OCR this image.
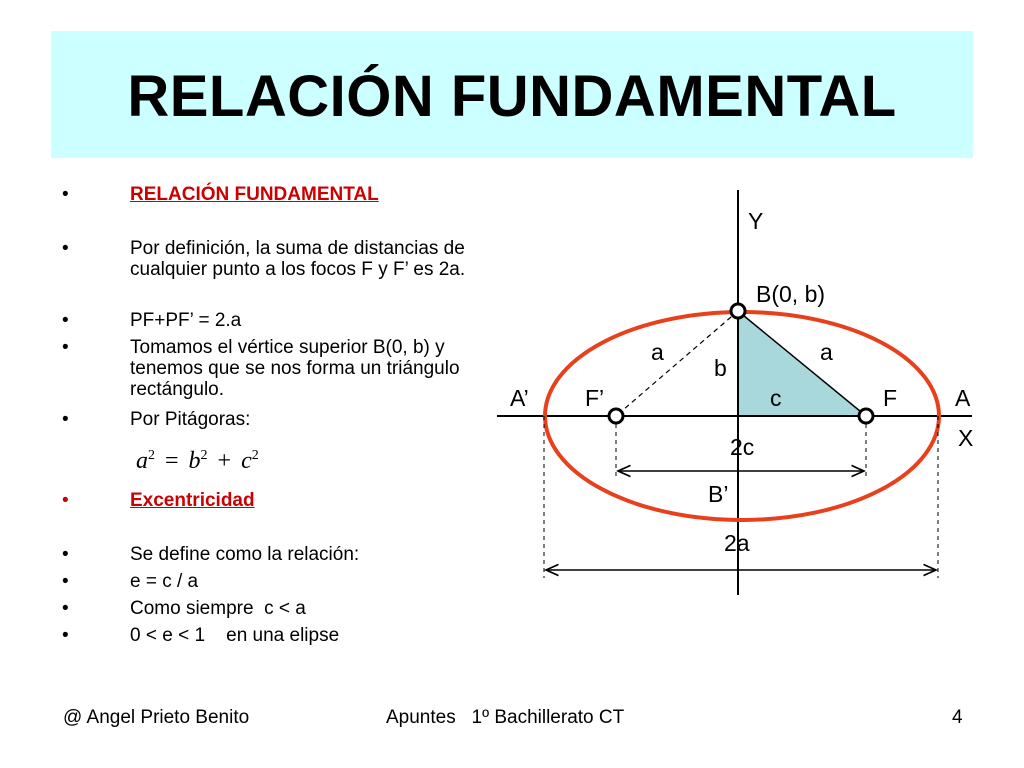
RELACIÓN FUNDAMENTAL
•	RELACIÓN FUNDAMENTAL
•	Por definición, la suma de distancias de cualquier punto a los focos F y F’ es 2a.
•	PF+PF’ = 2.a
•	Tomamos el vértice superior B(0, b) y tenemos que se nos forma un triángulo rectángulo.
•	Por Pitágoras:
•	Excentricidad
•	Se define como la relación:
•	e = c / a
•	Como siempre  c < a
•	0 < e < 1    en una elipse
$a^2 = b^2 + c^2$
Y
X
B(0, b)
a	a
b
c
A’ F’	F	A
2c
B’
2a
@ Angel Prieto Benito	Apuntes   1º Bachillerato CT	4
